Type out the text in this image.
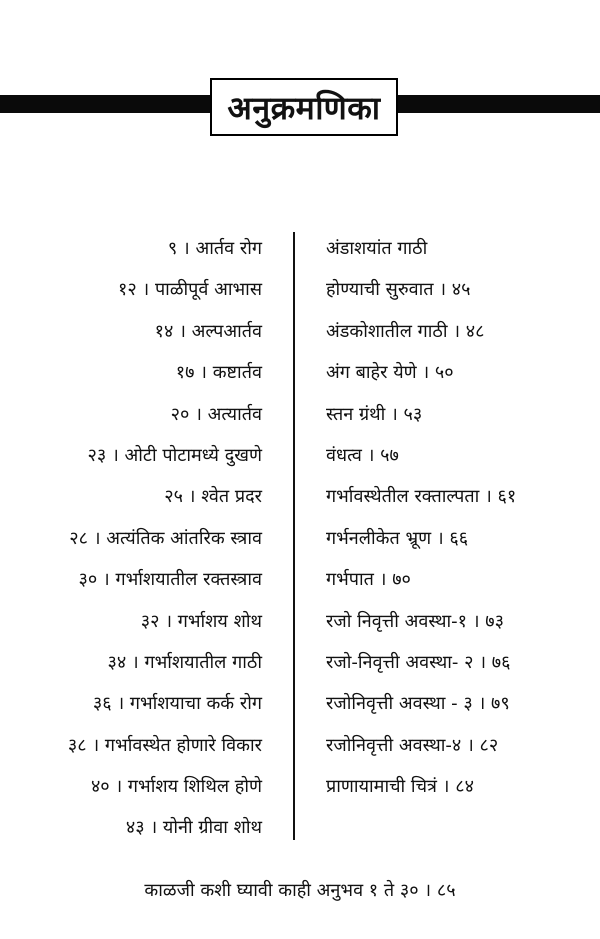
अनुक्रमणिका
९ । आर्तव रोग
१२ । पाळीपूर्व आभास
१४ । अल्पआर्तव
१७ । कष्टार्तव
२० । अत्यार्तव
२३ । ओटी पोटामध्ये दुखणे
२५ । श्वेत प्रदर
२८ । अत्यंतिक आंतरिक स्त्राव
३० । गर्भाशयातील रक्तस्त्राव
३२ । गर्भाशय शोथ
३४ । गर्भाशयातील गाठी
३६ । गर्भाशयाचा कर्क रोग
३८ । गर्भावस्थेत होणारे विकार
४० । गर्भाशय शिथिल होणे
४३ । योनी ग्रीवा शोथ
अंडाशयांत गाठी
होण्याची सुरुवात । ४५
अंडकोशातील गाठी । ४८
अंग बाहेर येणे । ५०
स्तन ग्रंथी । ५३
वंधत्व । ५७
गर्भावस्थेतील रक्ताल्पता । ६१
गर्भनलीकेत भ्रूण । ६६
गर्भपात । ७०
रजो निवृत्ती अवस्था-१ । ७३
रजो-निवृत्ती अवस्था- २ । ७६
रजोनिवृत्ती अवस्था - ३ । ७९
रजोनिवृत्ती अवस्था-४ । ८२
प्राणायामाची चित्रं । ८४
काळजी कशी घ्यावी काही अनुभव १ ते ३० । ८५
